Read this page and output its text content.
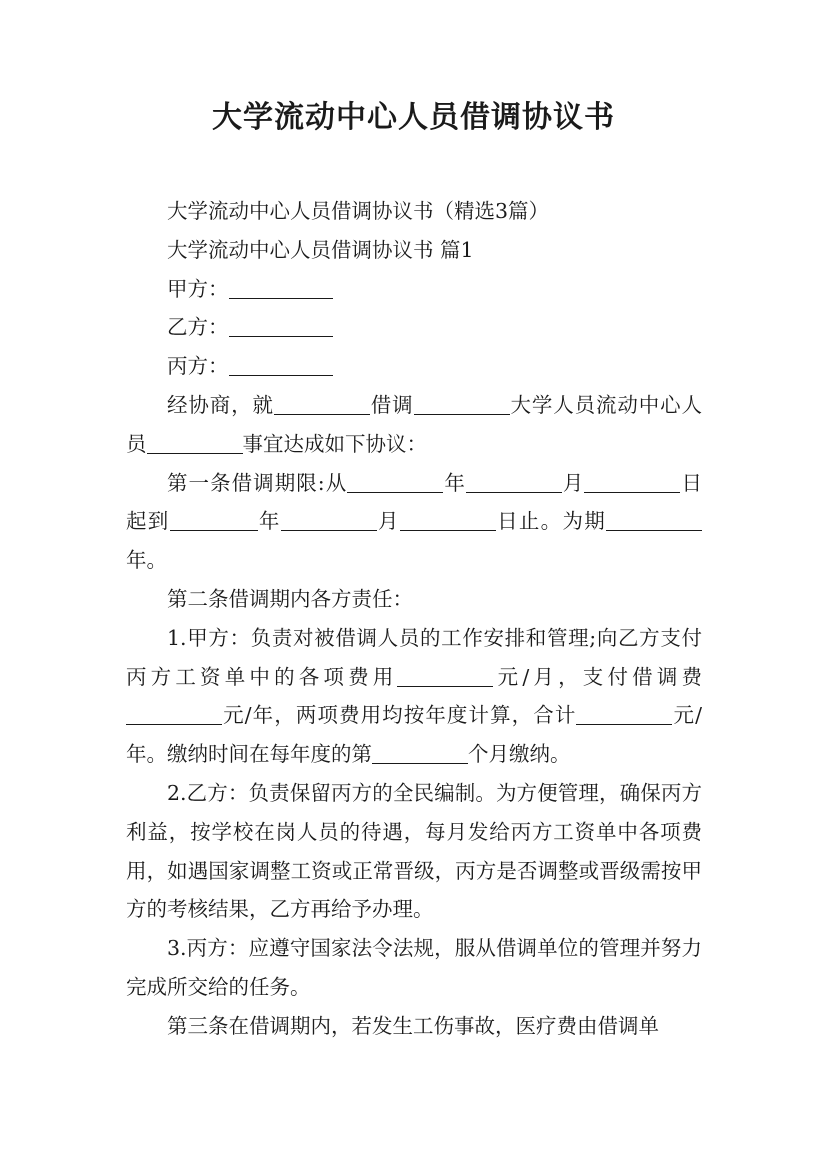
大学流动中心人员借调协议书

大学流动中心人员借调协议书（精选3篇）

大学流动中心人员借调协议书 篇1

甲方：

乙方：

丙方：

经协商，就	借调	大学人员流动中心人员	事宜达成如下协议：

第一条借调期限:从	年	月	日起到	年	月	日止。为期年。

第二条借调期内各方责任：

1.甲方：负责对被借调人员的工作安排和管理;向乙方支付丙方工资单中的各项费用	元/月，支付借调费元/年，两项费用均按年度计算，合计	元/年。缴纳时间在每年度的第	个月缴纳。

2.乙方：负责保留丙方的全民编制。为方便管理，确保丙方利益，按学校在岗人员的待遇，每月发给丙方工资单中各项费用，如遇国家调整工资或正常晋级，丙方是否调整或晋级需按甲方的考核结果，乙方再给予办理。

3.丙方：应遵守国家法令法规，服从借调单位的管理并努力完成所交给的任务。

第三条在借调期内，若发生工伤事故，医疗费由借调单
